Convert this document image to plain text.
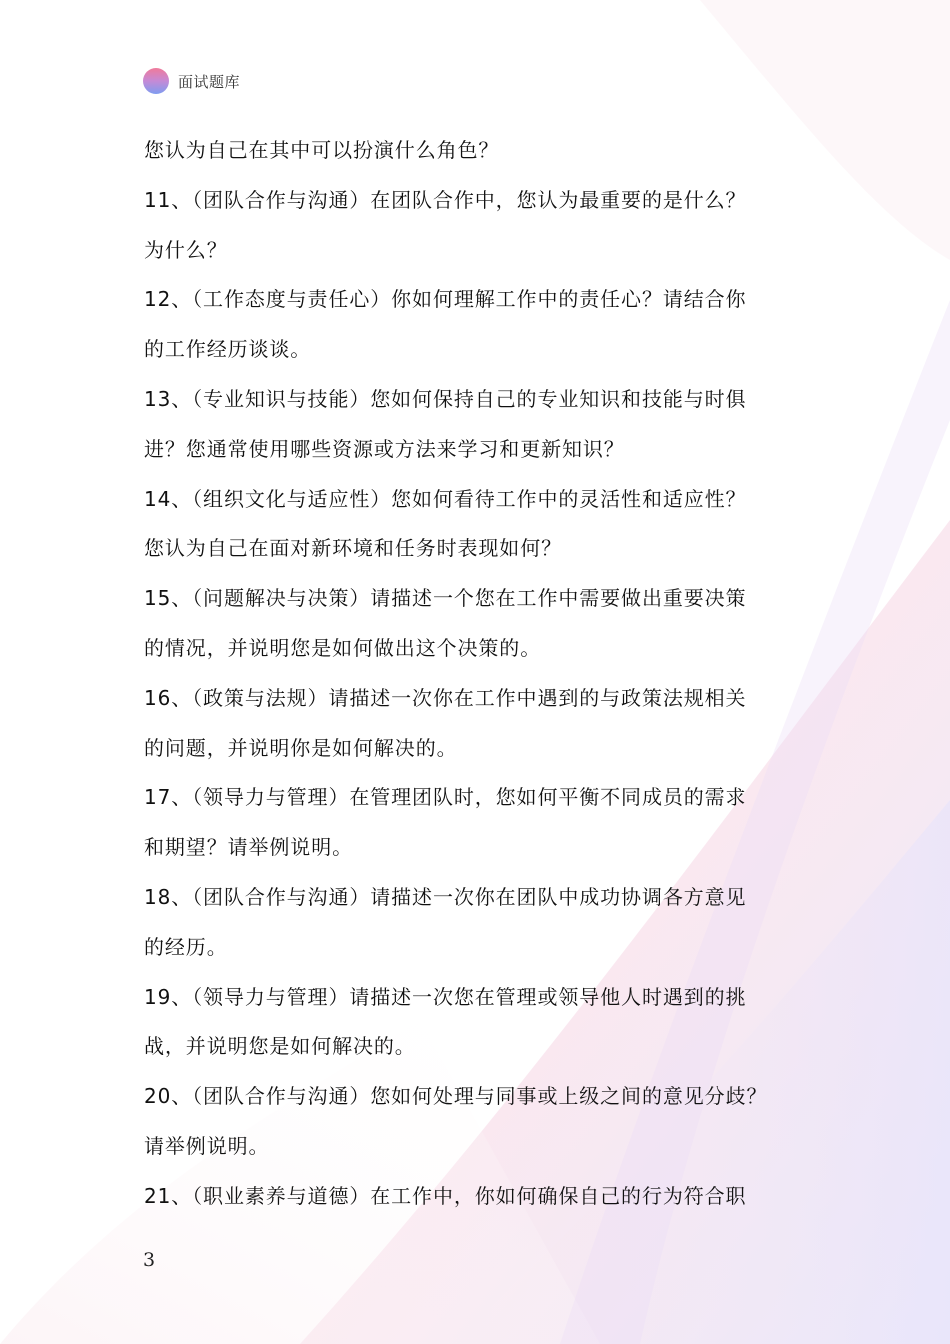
面试题库
您认为自己在其中可以扮演什么角色？
11、（团队合作与沟通）在团队合作中，您认为最重要的是什么？
为什么？
12、（工作态度与责任心）你如何理解工作中的责任心？请结合你
的工作经历谈谈。
13、（专业知识与技能）您如何保持自己的专业知识和技能与时俱
进？您通常使用哪些资源或方法来学习和更新知识？
14、（组织文化与适应性）您如何看待工作中的灵活性和适应性？
您认为自己在面对新环境和任务时表现如何？
15、（问题解决与决策）请描述一个您在工作中需要做出重要决策
的情况，并说明您是如何做出这个决策的。
16、（政策与法规）请描述一次你在工作中遇到的与政策法规相关
的问题，并说明你是如何解决的。
17、（领导力与管理）在管理团队时，您如何平衡不同成员的需求
和期望？请举例说明。
18、（团队合作与沟通）请描述一次你在团队中成功协调各方意见
的经历。
19、（领导力与管理）请描述一次您在管理或领导他人时遇到的挑
战，并说明您是如何解决的。
20、（团队合作与沟通）您如何处理与同事或上级之间的意见分歧？
请举例说明。
21、（职业素养与道德）在工作中，你如何确保自己的行为符合职
3
